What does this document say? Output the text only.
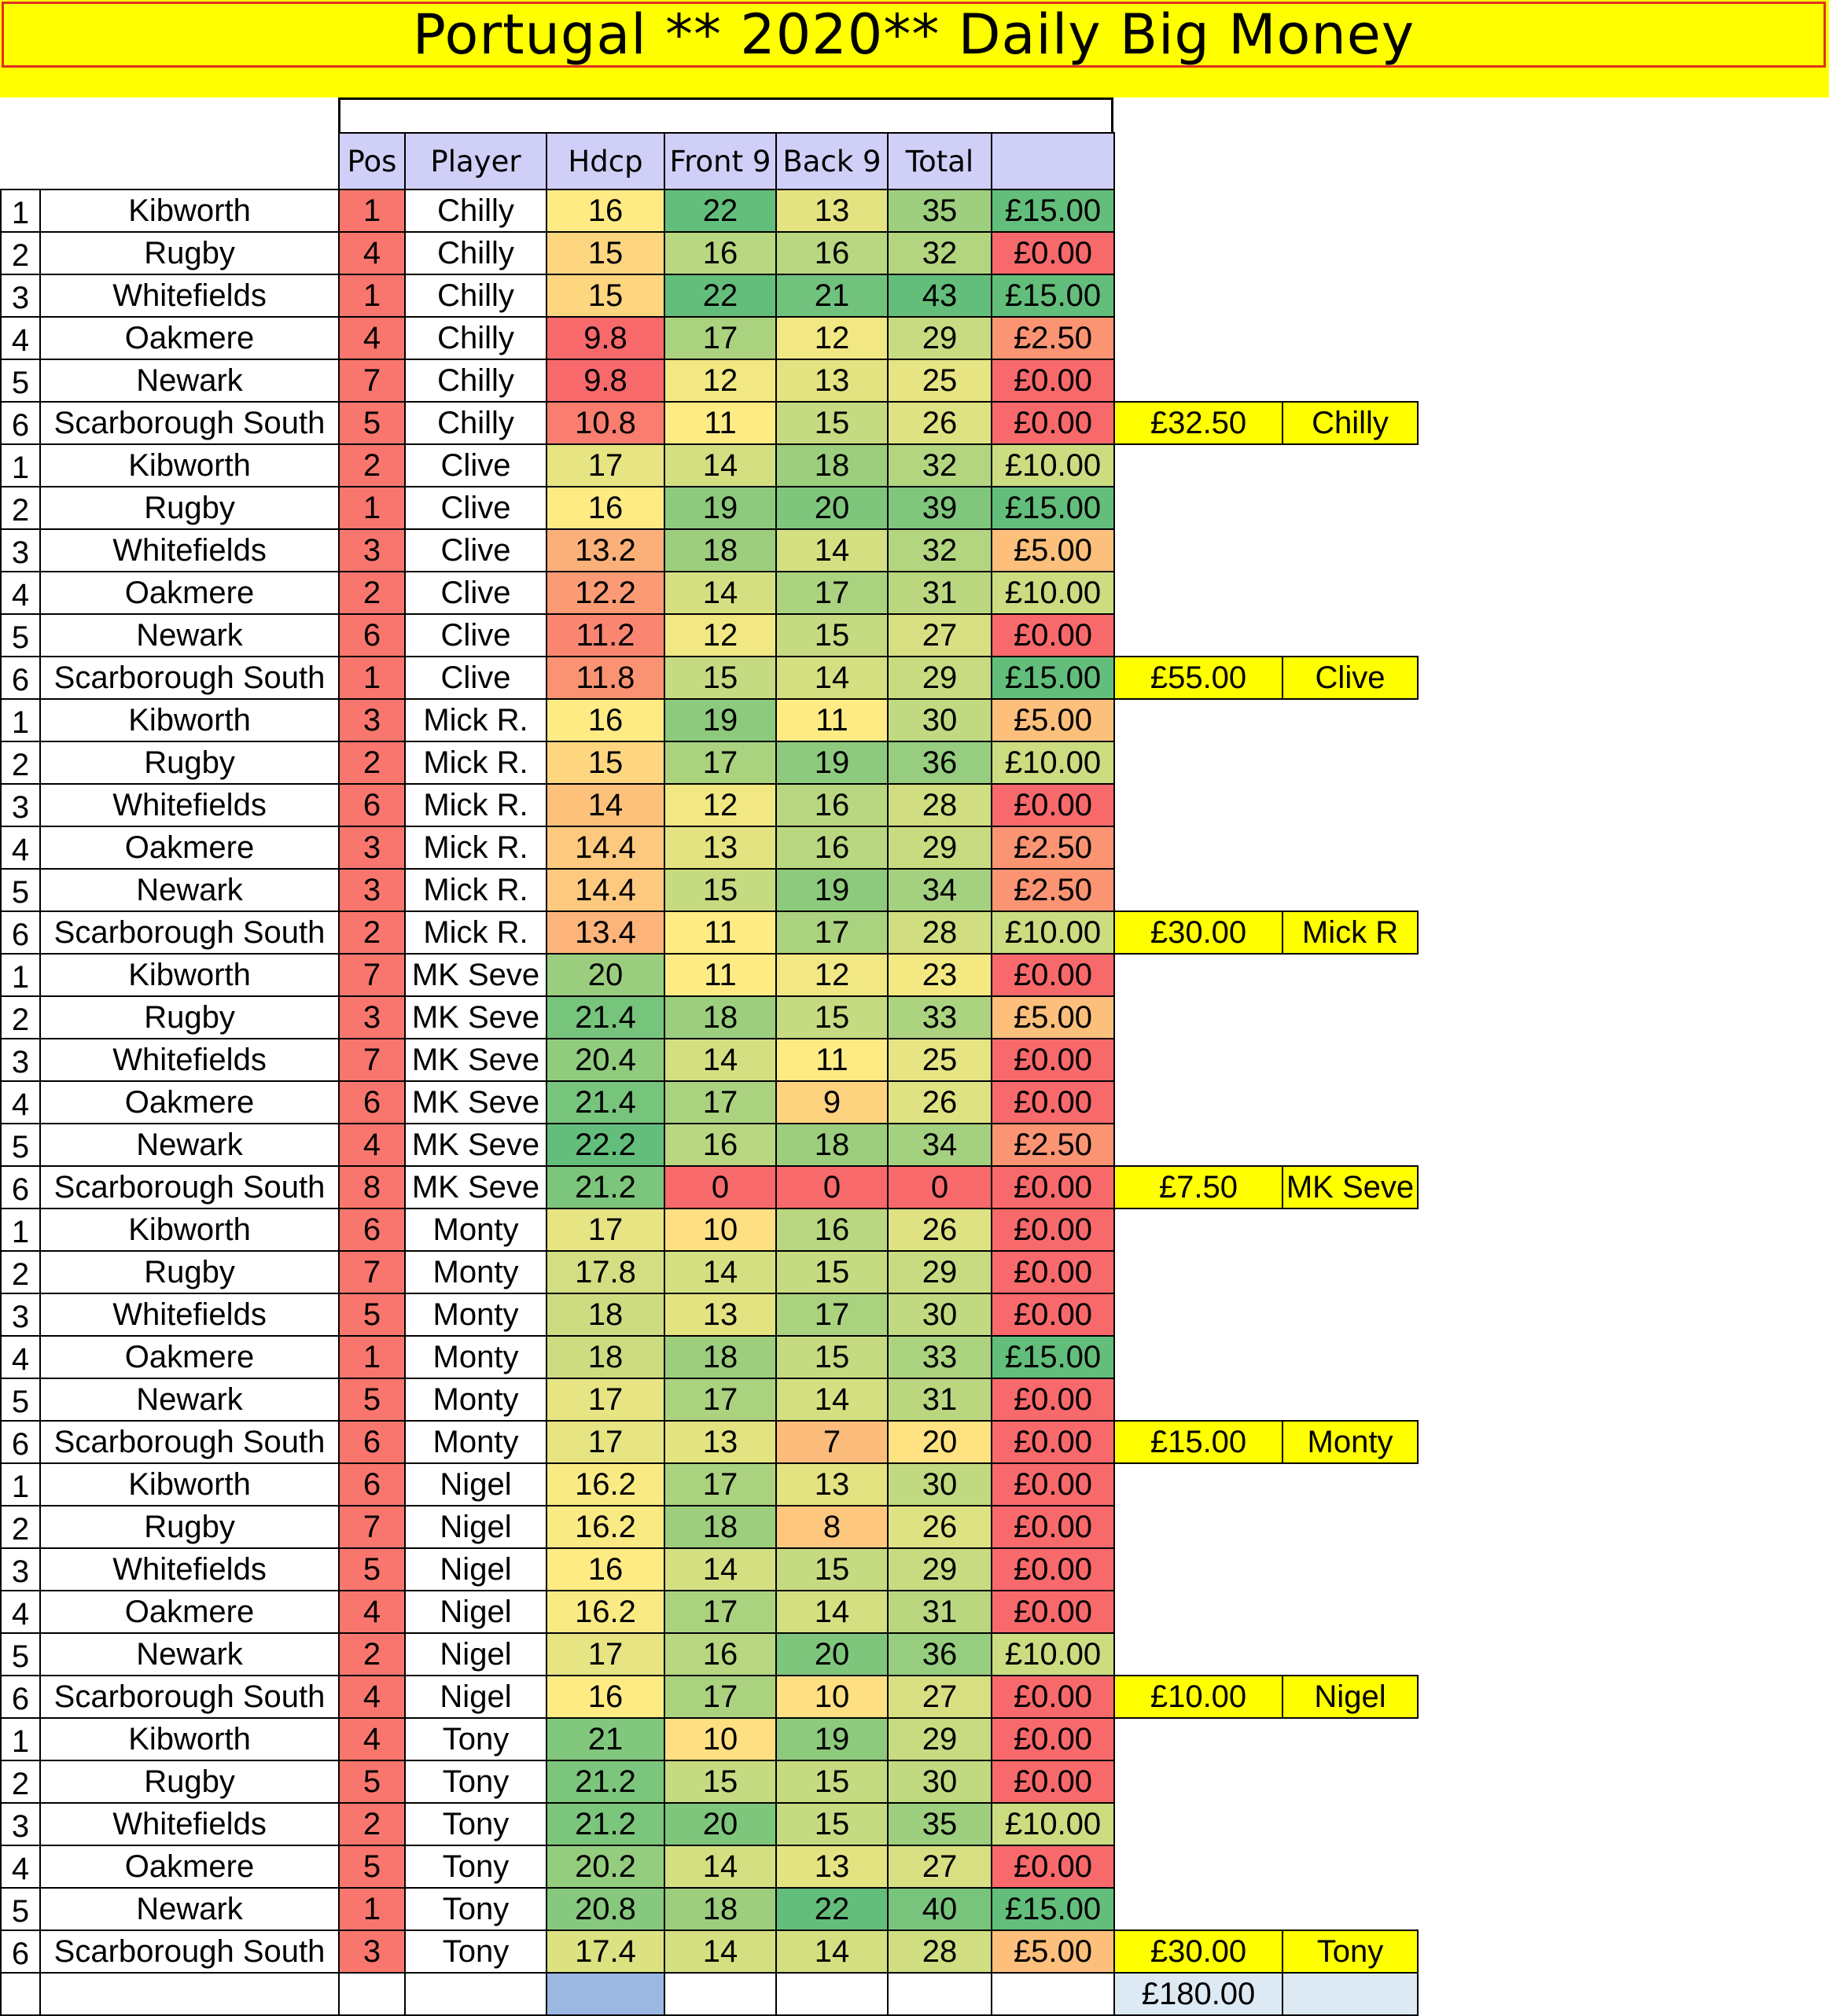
Portugal ** 2020** Daily Big Money
		Pos	Player	Hdcp	Front 9	Back 9	Total			
1	Kibworth	1	Chilly	16	22	13	35	£15.00		
2	Rugby	4	Chilly	15	16	16	32	£0.00		
3	Whitefields	1	Chilly	15	22	21	43	£15.00		
4	Oakmere	4	Chilly	9.8	17	12	29	£2.50		
5	Newark	7	Chilly	9.8	12	13	25	£0.00		
6	Scarborough South	5	Chilly	10.8	11	15	26	£0.00	£32.50	Chilly
1	Kibworth	2	Clive	17	14	18	32	£10.00		
2	Rugby	1	Clive	16	19	20	39	£15.00		
3	Whitefields	3	Clive	13.2	18	14	32	£5.00		
4	Oakmere	2	Clive	12.2	14	17	31	£10.00		
5	Newark	6	Clive	11.2	12	15	27	£0.00		
6	Scarborough South	1	Clive	11.8	15	14	29	£15.00	£55.00	Clive
1	Kibworth	3	Mick R.	16	19	11	30	£5.00		
2	Rugby	2	Mick R.	15	17	19	36	£10.00		
3	Whitefields	6	Mick R.	14	12	16	28	£0.00		
4	Oakmere	3	Mick R.	14.4	13	16	29	£2.50		
5	Newark	3	Mick R.	14.4	15	19	34	£2.50		
6	Scarborough South	2	Mick R.	13.4	11	17	28	£10.00	£30.00	Mick R
1	Kibworth	7	MK Seve	20	11	12	23	£0.00		
2	Rugby	3	MK Seve	21.4	18	15	33	£5.00		
3	Whitefields	7	MK Seve	20.4	14	11	25	£0.00		
4	Oakmere	6	MK Seve	21.4	17	9	26	£0.00		
5	Newark	4	MK Seve	22.2	16	18	34	£2.50		
6	Scarborough South	8	MK Seve	21.2	0	0	0	£0.00	£7.50	MK Seve
1	Kibworth	6	Monty	17	10	16	26	£0.00		
2	Rugby	7	Monty	17.8	14	15	29	£0.00		
3	Whitefields	5	Monty	18	13	17	30	£0.00		
4	Oakmere	1	Monty	18	18	15	33	£15.00		
5	Newark	5	Monty	17	17	14	31	£0.00		
6	Scarborough South	6	Monty	17	13	7	20	£0.00	£15.00	Monty
1	Kibworth	6	Nigel	16.2	17	13	30	£0.00		
2	Rugby	7	Nigel	16.2	18	8	26	£0.00		
3	Whitefields	5	Nigel	16	14	15	29	£0.00		
4	Oakmere	4	Nigel	16.2	17	14	31	£0.00		
5	Newark	2	Nigel	17	16	20	36	£10.00		
6	Scarborough South	4	Nigel	16	17	10	27	£0.00	£10.00	Nigel
1	Kibworth	4	Tony	21	10	19	29	£0.00		
2	Rugby	5	Tony	21.2	15	15	30	£0.00		
3	Whitefields	2	Tony	21.2	20	15	35	£10.00		
4	Oakmere	5	Tony	20.2	14	13	27	£0.00		
5	Newark	1	Tony	20.8	18	22	40	£15.00		
6	Scarborough South	3	Tony	17.4	14	14	28	£5.00	£30.00	Tony
									£180.00	
